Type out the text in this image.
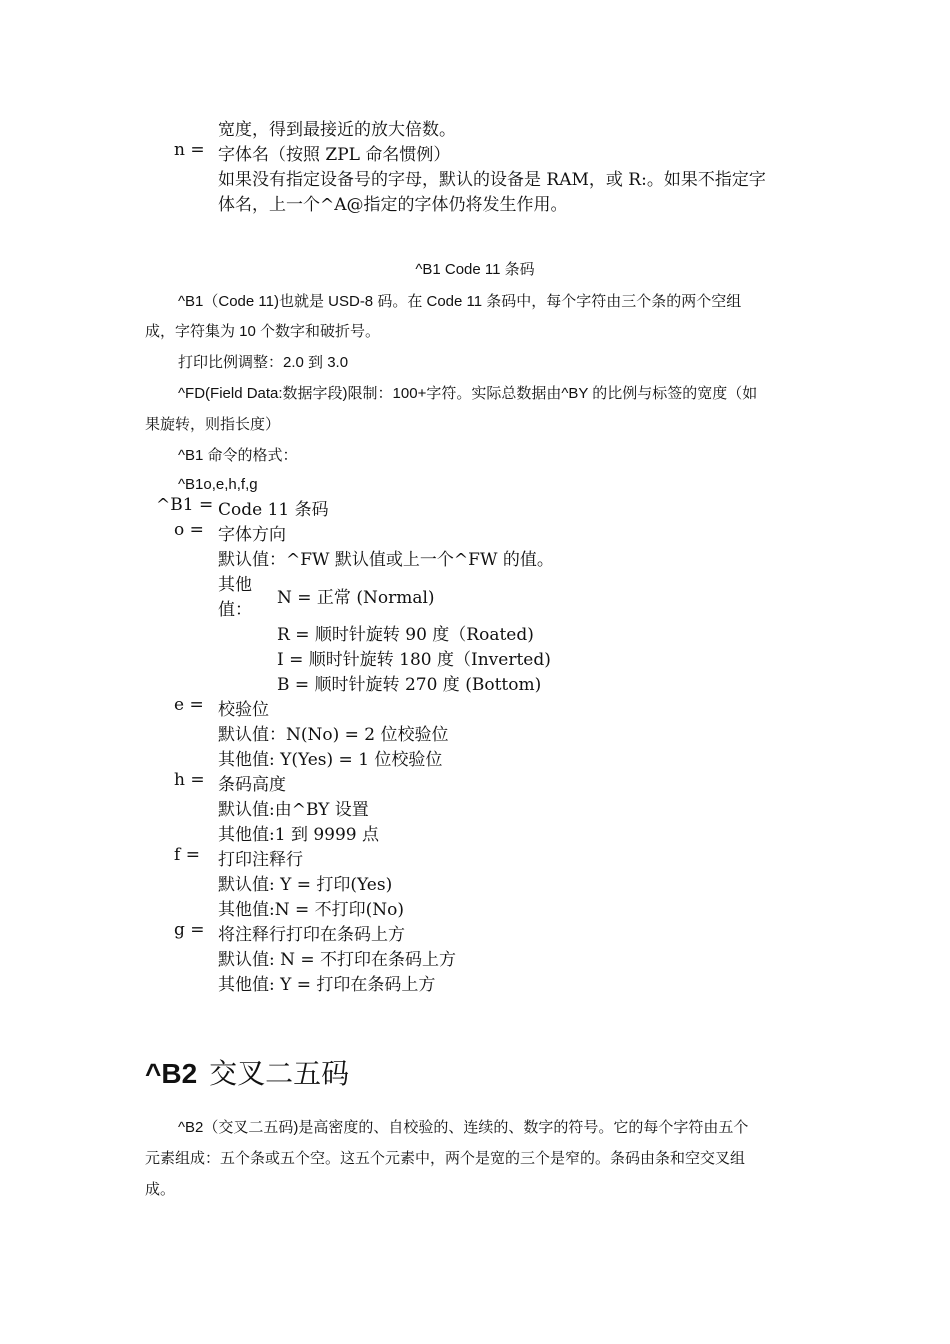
宽度，得到最接近的放大倍数。
n = 字体名（按照 ZPL 命名惯例）
如果没有指定设备号的字母，默认的设备是 RAM，或 R:。如果不指定字
体名，上一个^A@指定的字体仍将发生作用。
^B1 Code 11 条码
^B1（Code 11)也就是 USD-8 码。在 Code 11 条码中，每个字符由三个条的两个空组
成，字符集为 10 个数字和破折号。
打印比例调整：2.0 到 3.0
^FD(Field Data:数据字段)限制：100+字符。实际总数据由^BY 的比例与标签的宽度（如
果旋转，则指长度）
^B1 命令的格式：
^B1o,e,h,f,g
^B1 = Code 11 条码
o = 字体方向
默认值：^FW 默认值或上一个^FW 的值。
其他
值：
N = 正常 (Normal)
R = 顺时针旋转 90 度（Roated)
I = 顺时针旋转 180 度（Inverted)
B = 顺时针旋转 270 度 (Bottom)
e = 校验位
默认值：N(No) = 2 位校验位
其他值: Y(Yes) = 1 位校验位
h = 条码高度
默认值:由^BY 设置
其他值:1 到 9999 点
f = 打印注释行
默认值: Y = 打印(Yes)
其他值:N = 不打印(No)
g = 将注释行打印在条码上方
默认值: N = 不打印在条码上方
其他值: Y = 打印在条码上方
^B2 交叉二五码
^B2（交叉二五码)是高密度的、自校验的、连续的、数字的符号。它的每个字符由五个
元素组成：五个条或五个空。这五个元素中，两个是宽的三个是窄的。条码由条和空交叉组
成。
